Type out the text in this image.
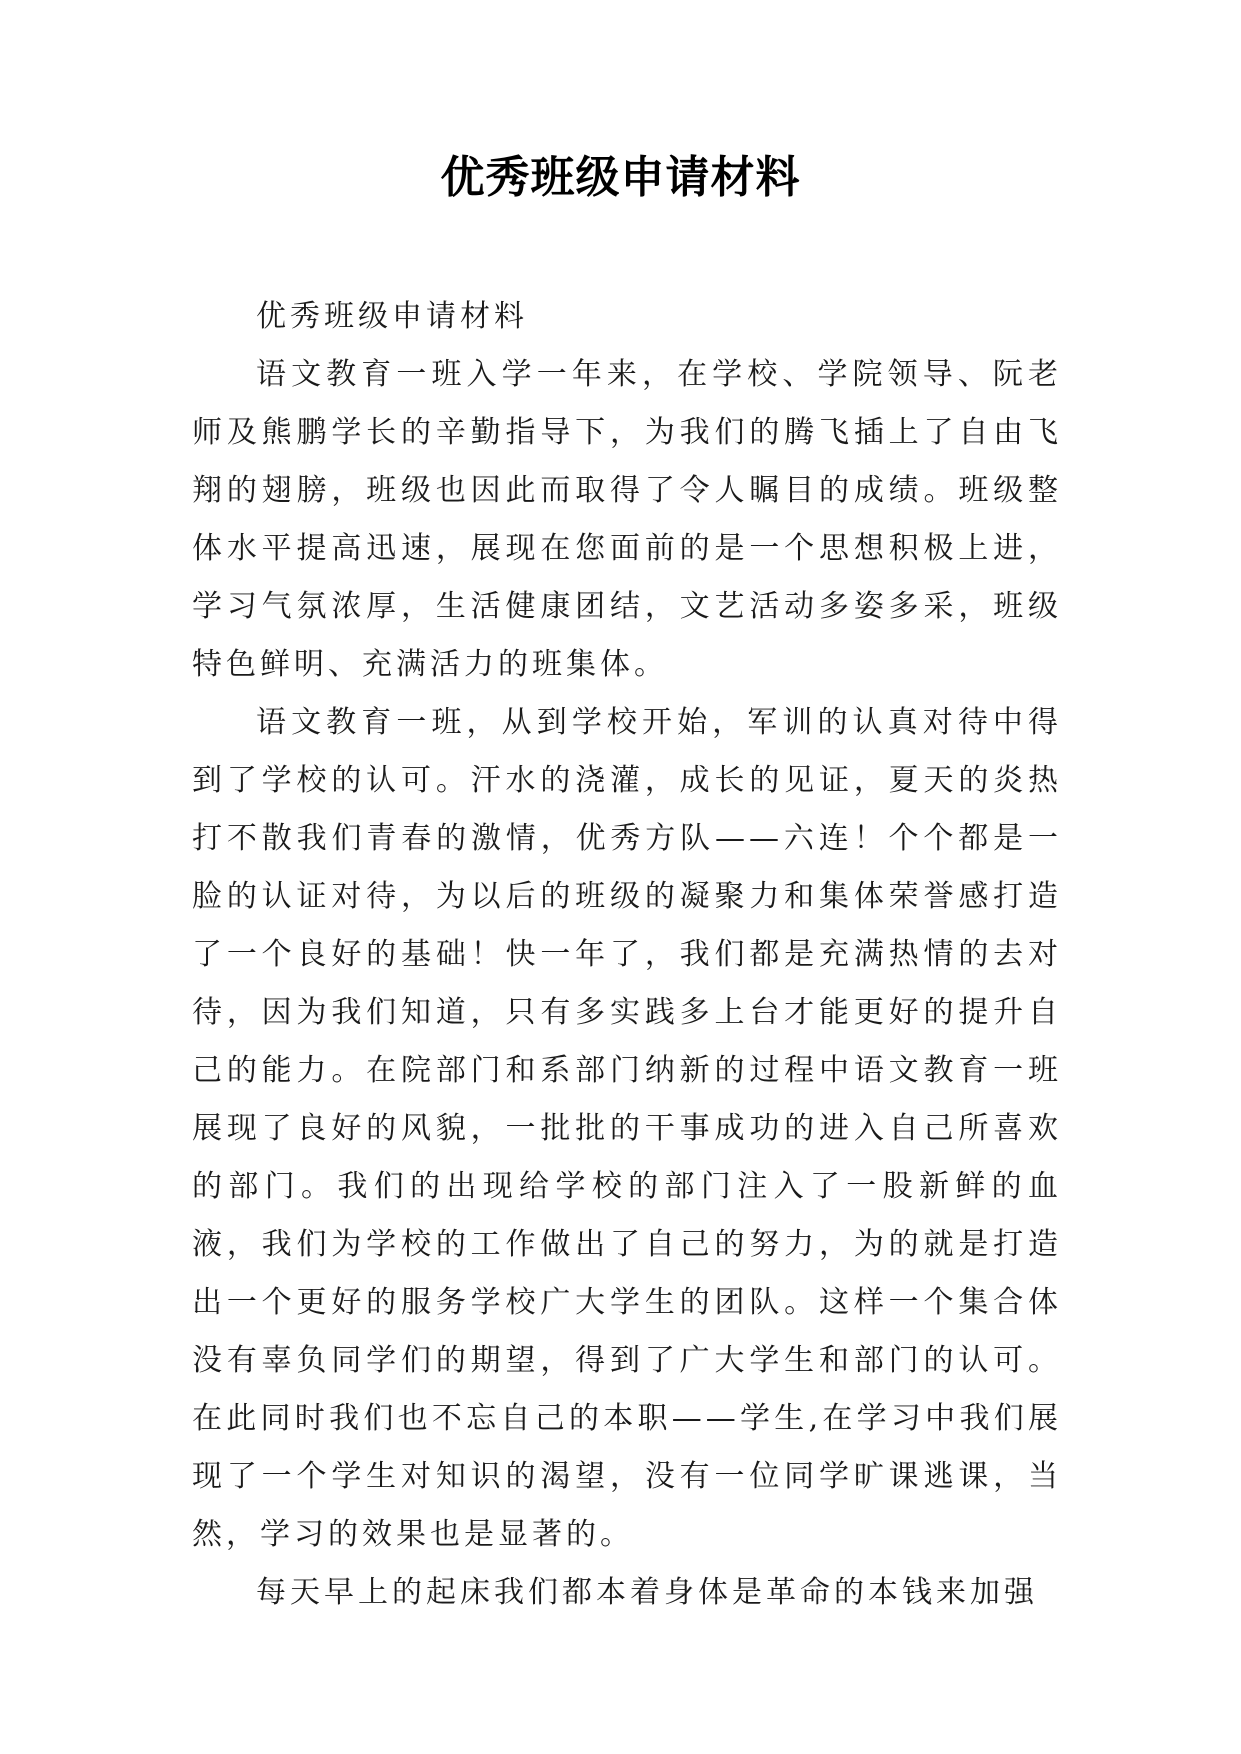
优秀班级申请材料

优秀班级申请材料

语文教育一班入学一年来，在学校、学院领导、阮老师及熊鹏学长的辛勤指导下，为我们的腾飞插上了自由飞翔的翅膀，班级也因此而取得了令人瞩目的成绩。班级整体水平提高迅速，展现在您面前的是一个思想积极上进，学习气氛浓厚，生活健康团结，文艺活动多姿多采，班级特色鲜明、充满活力的班集体。

语文教育一班，从到学校开始，军训的认真对待中得到了学校的认可。汗水的浇灌，成长的见证，夏天的炎热打不散我们青春的激情，优秀方队——六连！个个都是一脸的认证对待，为以后的班级的凝聚力和集体荣誉感打造了一个良好的基础！快一年了，我们都是充满热情的去对待，因为我们知道，只有多实践多上台才能更好的提升自己的能力。在院部门和系部门纳新的过程中语文教育一班展现了良好的风貌，一批批的干事成功的进入自己所喜欢的部门。我们的出现给学校的部门注入了一股新鲜的血液，我们为学校的工作做出了自己的努力，为的就是打造出一个更好的服务学校广大学生的团队。这样一个集合体没有辜负同学们的期望，得到了广大学生和部门的认可。在此同时我们也不忘自己的本职——学生,在学习中我们展现了一个学生对知识的渴望，没有一位同学旷课逃课，当然，学习的效果也是显著的。

每天早上的起床我们都本着身体是革命的本钱来加强
